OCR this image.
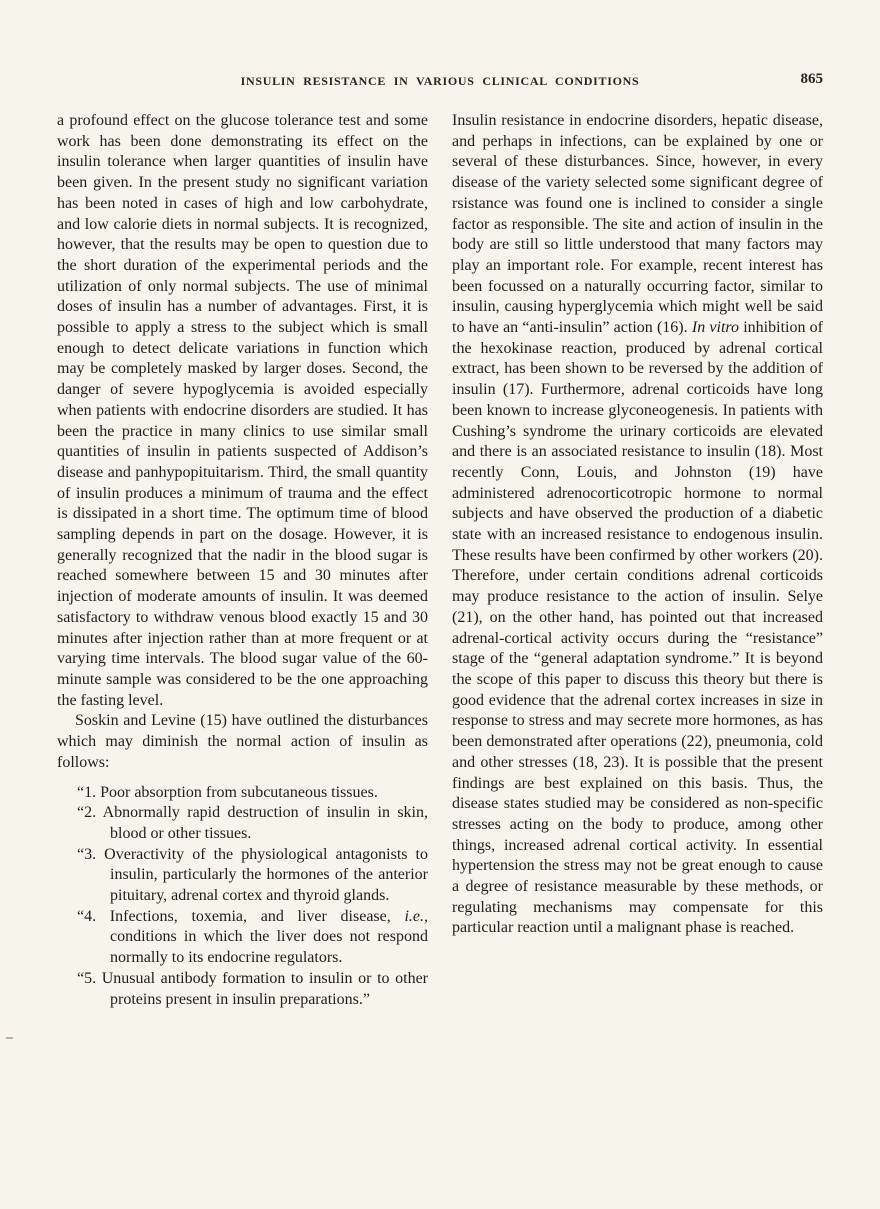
INSULIN RESISTANCE IN VARIOUS CLINICAL CONDITIONS	865

a profound effect on the glucose tolerance test and some work has been done demonstrating its effect on the insulin tolerance when larger quantities of insulin have been given. In the present study no significant variation has been noted in cases of high and low carbohydrate, and low calorie diets in normal subjects. It is recognized, however, that the results may be open to question due to the short duration of the experimental periods and the utilization of only normal subjects. The use of minimal doses of insulin has a number of advantages. First, it is possible to apply a stress to the subject which is small enough to detect delicate variations in function which may be completely masked by larger doses. Second, the danger of severe hypoglycemia is avoided especially when patients with endocrine disorders are studied. It has been the practice in many clinics to use similar small quantities of insulin in patients suspected of Addison’s disease and panhypopituitarism. Third, the small quantity of insulin produces a minimum of trauma and the effect is dissipated in a short time. The optimum time of blood sampling depends in part on the dosage. However, it is generally recognized that the nadir in the blood sugar is reached somewhere between 15 and 30 minutes after injection of moderate amounts of insulin. It was deemed satisfactory to withdraw venous blood exactly 15 and 30 minutes after injection rather than at more frequent or at varying time intervals. The blood sugar value of the 60-minute sample was considered to be the one approaching the fasting level.

Soskin and Levine (15) have outlined the disturbances which may diminish the normal action of insulin as follows:

“1. Poor absorption from subcutaneous tissues.

“2. Abnormally rapid destruction of insulin in skin, blood or other tissues.

“3. Overactivity of the physiological antagonists to insulin, particularly the hormones of the anterior pituitary, adrenal cortex and thyroid glands.

“4. Infections, toxemia, and liver disease, i.e., conditions in which the liver does not respond normally to its endocrine regulators.

“5. Unusual antibody formation to insulin or to other proteins present in insulin preparations.”

Insulin resistance in endocrine disorders, hepatic disease, and perhaps in infections, can be explained by one or several of these disturbances. Since, however, in every disease of the variety selected some significant degree of rsistance was found one is inclined to consider a single factor as responsible. The site and action of insulin in the body are still so little understood that many factors may play an important role. For example, recent interest has been focussed on a naturally occurring factor, similar to insulin, causing hyperglycemia which might well be said to have an “anti-insulin” action (16). In vitro inhibition of the hexokinase reaction, produced by adrenal cortical extract, has been shown to be reversed by the addition of insulin (17). Furthermore, adrenal corticoids have long been known to increase glyconeogenesis. In patients with Cushing’s syndrome the urinary corticoids are elevated and there is an associated resistance to insulin (18). Most recently Conn, Louis, and Johnston (19) have administered adrenocorticotropic hormone to normal subjects and have observed the production of a diabetic state with an increased resistance to endogenous insulin. These results have been confirmed by other workers (20). Therefore, under certain conditions adrenal corticoids may produce resistance to the action of insulin. Selye (21), on the other hand, has pointed out that increased adrenal-cortical activity occurs during the “resistance” stage of the “general adaptation syndrome.” It is beyond the scope of this paper to discuss this theory but there is good evidence that the adrenal cortex increases in size in response to stress and may secrete more hormones, as has been demonstrated after operations (22), pneumonia, cold and other stresses (18, 23). It is possible that the present findings are best explained on this basis. Thus, the disease states studied may be considered as non-specific stresses acting on the body to produce, among other things, increased adrenal cortical activity. In essential hypertension the stress may not be great enough to cause a degree of resistance measurable by these methods, or regulating mechanisms may compensate for this particular reaction until a malignant phase is reached.
